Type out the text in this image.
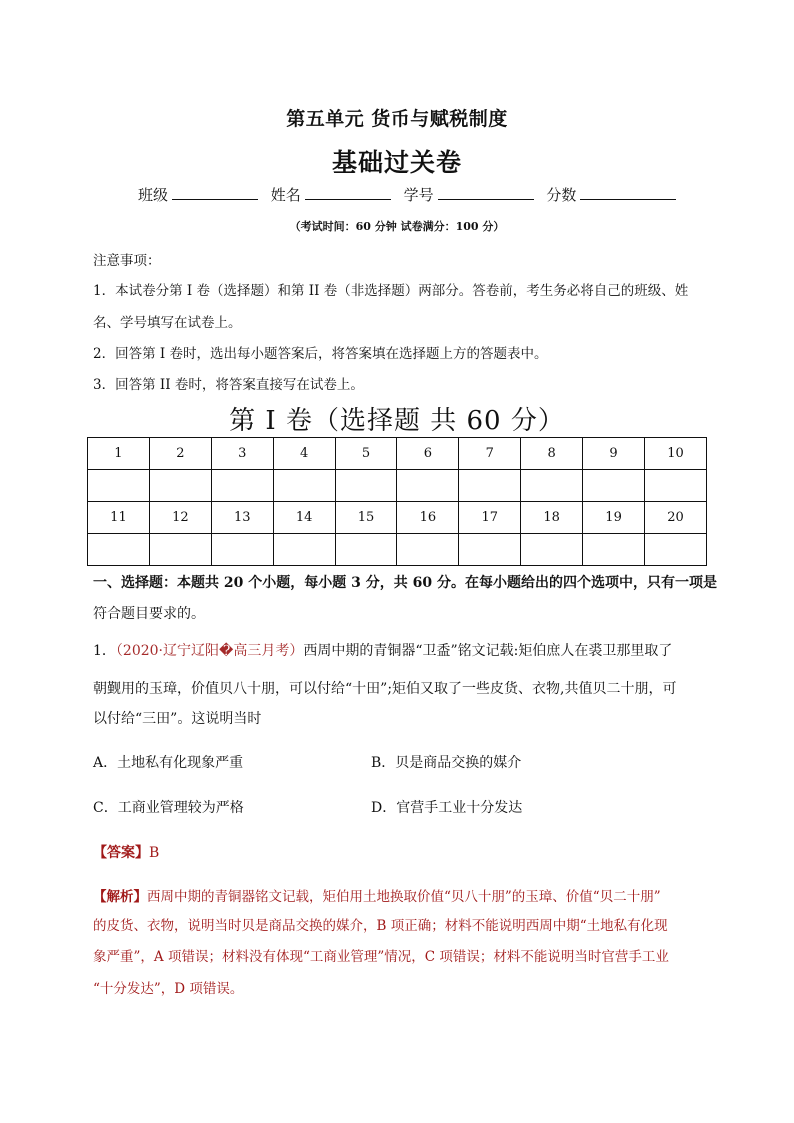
第五单元 货币与赋税制度
基础过关卷
班级	姓名	学号	分数
（考试时间：60 分钟 试卷满分：100 分）
注意事项：
1．本试卷分第 I 卷（选择题）和第 II 卷（非选择题）两部分。答卷前，考生务必将自己的班级、姓
名、学号填写在试卷上。
2．回答第 I 卷时，选出每小题答案后，将答案填在选择题上方的答题表中。
3．回答第 II 卷时，将答案直接写在试卷上。
第 I 卷（选择题 共 60 分）
1	2	3	4	5	6	7	8	9	10

11	12	13	14	15	16	17	18	19	20

一、选择题：本题共 20 个小题，每小题 3 分，共 60 分。在每小题给出的四个选项中，只有一项是
符合题目要求的。
1．（2020·辽宁辽阳�高三月考）西周中期的青铜器“卫盉”铭文记载:矩伯庶人在裘卫那里取了
朝觐用的玉璋，价值贝八十朋，可以付给“十田”;矩伯又取了一些皮货、衣物,共值贝二十朋，可
以付给“三田”。这说明当时
A．土地私有化现象严重	B．贝是商品交换的媒介
C．工商业管理较为严格	D．官营手工业十分发达
【答案】B
【解析】西周中期的青铜器铭文记载，矩伯用土地换取价值“贝八十朋”的玉璋、价值“贝二十朋”
的皮货、衣物，说明当时贝是商品交换的媒介，B 项正确；材料不能说明西周中期“土地私有化现
象严重”，A 项错误；材料没有体现“工商业管理”情况，C 项错误；材料不能说明当时官营手工业
“十分发达”，D 项错误。
